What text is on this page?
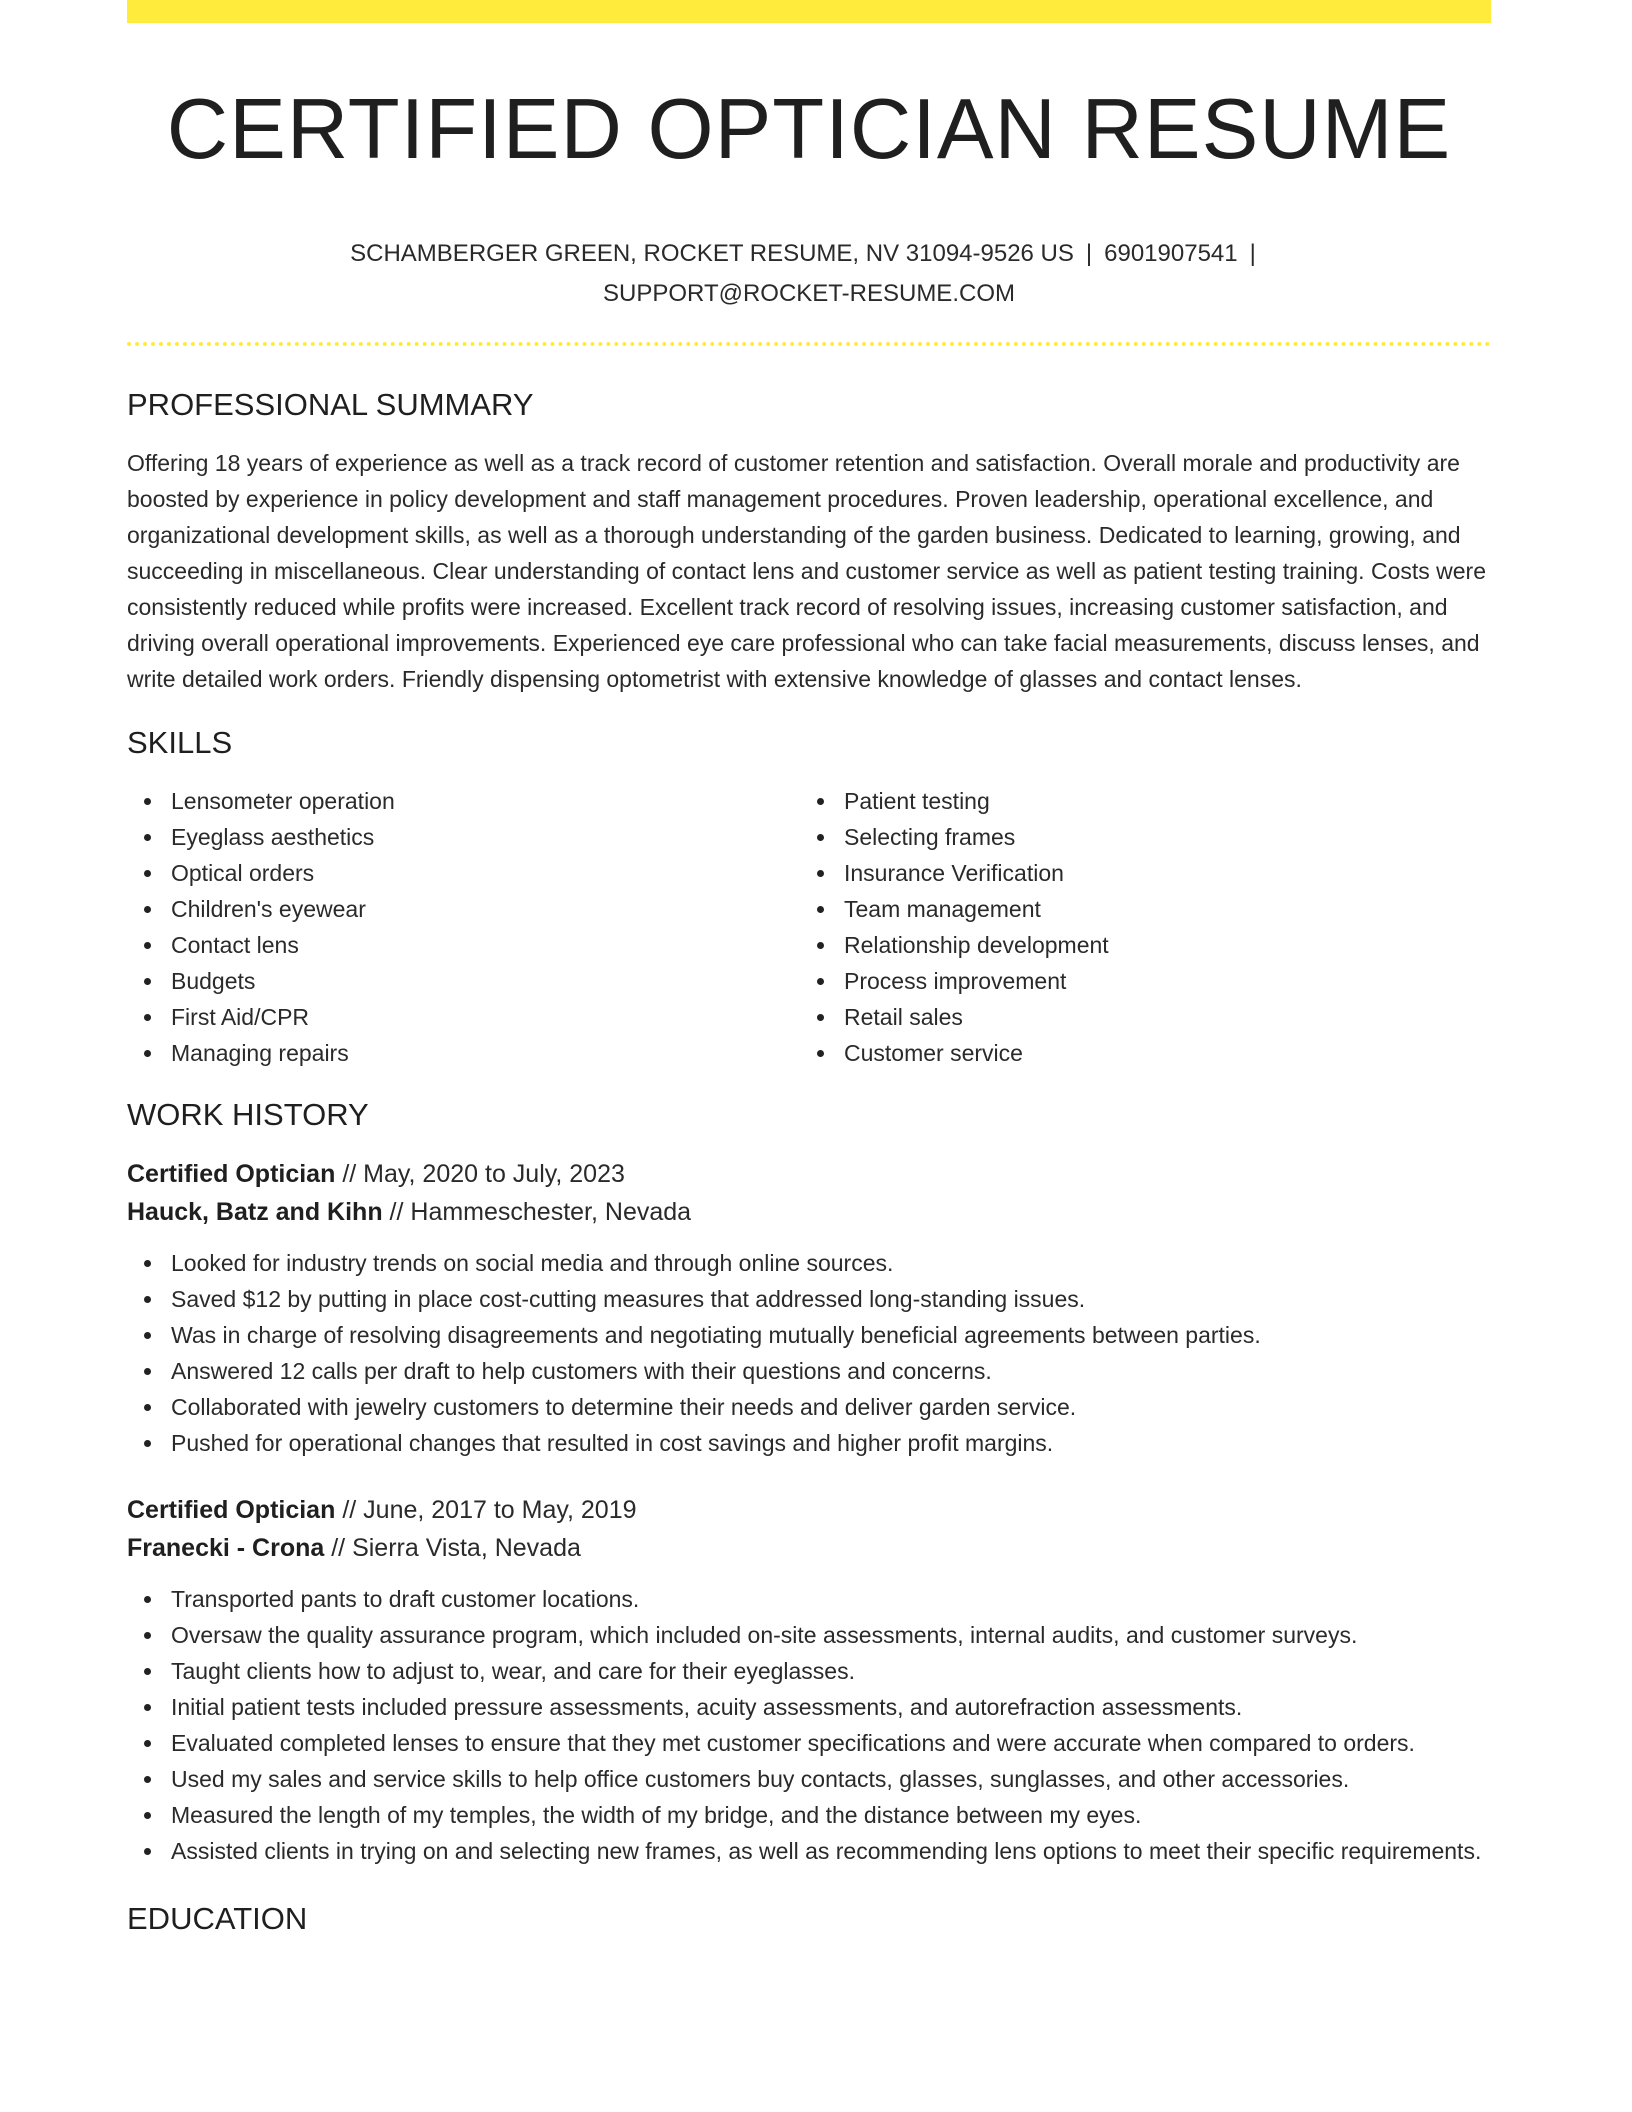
CERTIFIED OPTICIAN RESUME
SCHAMBERGER GREEN, ROCKET RESUME, NV 31094-9526 US | 6901907541 |
SUPPORT@ROCKET-RESUME.COM
PROFESSIONAL SUMMARY

Offering 18 years of experience as well as a track record of customer retention and satisfaction. Overall morale and productivity are boosted by experience in policy development and staff management procedures. Proven leadership, operational excellence, and organizational development skills, as well as a thorough understanding of the garden business. Dedicated to learning, growing, and succeeding in miscellaneous. Clear understanding of contact lens and customer service as well as patient testing training. Costs were consistently reduced while profits were increased. Excellent track record of resolving issues, increasing customer satisfaction, and driving overall operational improvements. Experienced eye care professional who can take facial measurements, discuss lenses, and write detailed work orders. Friendly dispensing optometrist with extensive knowledge of glasses and contact lenses.

SKILLS
Lensometer operation
Eyeglass aesthetics
Optical orders
Children's eyewear
Contact lens
Budgets
First Aid/CPR
Managing repairs
Patient testing
Selecting frames
Insurance Verification
Team management
Relationship development
Process improvement
Retail sales
Customer service
WORK HISTORY
Certified Optician // May, 2020 to July, 2023
Hauck, Batz and Kihn // Hammeschester, Nevada
Looked for industry trends on social media and through online sources.
Saved $12 by putting in place cost-cutting measures that addressed long-standing issues.
Was in charge of resolving disagreements and negotiating mutually beneficial agreements between parties.
Answered 12 calls per draft to help customers with their questions and concerns.
Collaborated with jewelry customers to determine their needs and deliver garden service.
Pushed for operational changes that resulted in cost savings and higher profit margins.
Certified Optician // June, 2017 to May, 2019
Franecki - Crona // Sierra Vista, Nevada
Transported pants to draft customer locations.
Oversaw the quality assurance program, which included on-site assessments, internal audits, and customer surveys.
Taught clients how to adjust to, wear, and care for their eyeglasses.
Initial patient tests included pressure assessments, acuity assessments, and autorefraction assessments.
Evaluated completed lenses to ensure that they met customer specifications and were accurate when compared to orders.
Used my sales and service skills to help office customers buy contacts, glasses, sunglasses, and other accessories.
Measured the length of my temples, the width of my bridge, and the distance between my eyes.
Assisted clients in trying on and selecting new frames, as well as recommending lens options to meet their specific requirements.
EDUCATION
